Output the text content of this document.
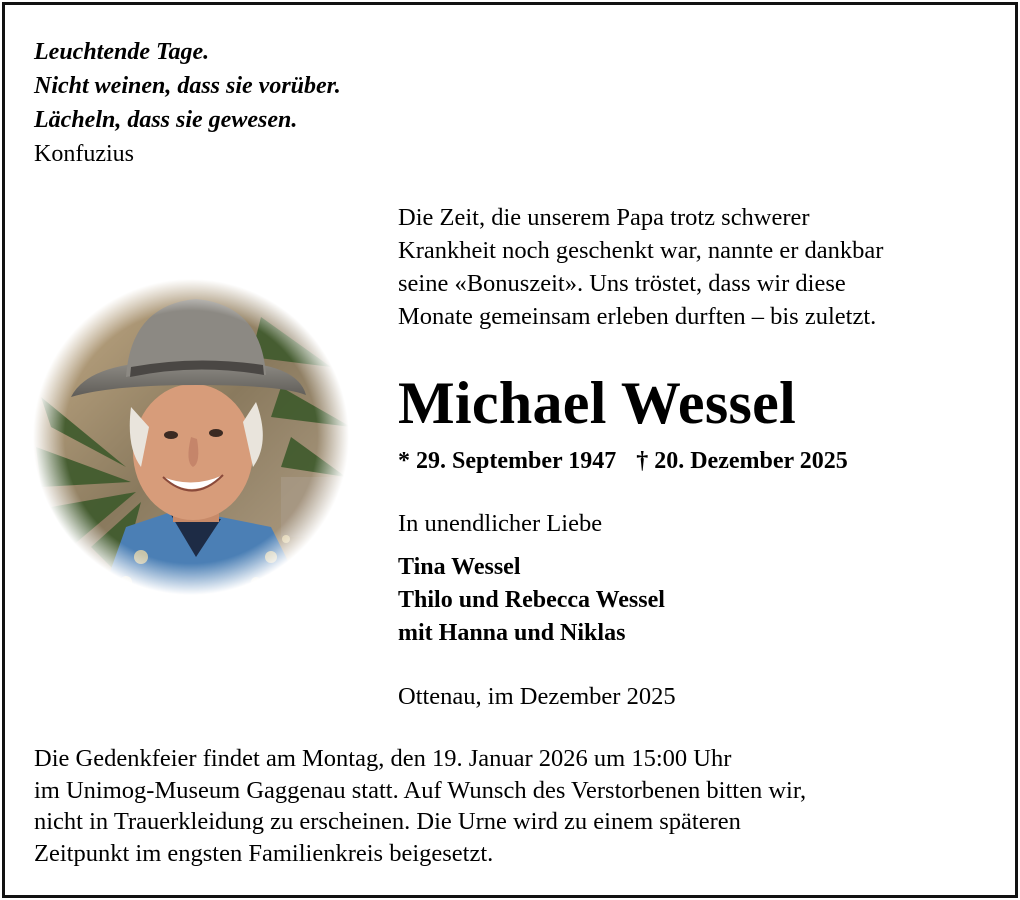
Leuchtende Tage.
Nicht weinen, dass sie vorüber.
Lächeln, dass sie gewesen.
Konfuzius
Die Zeit, die unserem Papa trotz schwerer
Krankheit noch geschenkt war, nannte er dankbar
seine «Bonuszeit». Uns tröstet, dass wir diese
Monate gemeinsam erleben durften – bis zuletzt.
Michael Wessel
* 29. September 1947 † 20. Dezember 2025
In unendlicher Liebe
Tina Wessel
Thilo und Rebecca Wessel
mit Hanna und Niklas
Ottenau, im Dezember 2025
Die Gedenkfeier findet am Montag, den 19. Januar 2026 um 15:00 Uhr
im Unimog-Museum Gaggenau statt. Auf Wunsch des Verstorbenen bitten wir,
nicht in Trauerkleidung zu erscheinen. Die Urne wird zu einem späteren
Zeitpunkt im engsten Familienkreis beigesetzt.
